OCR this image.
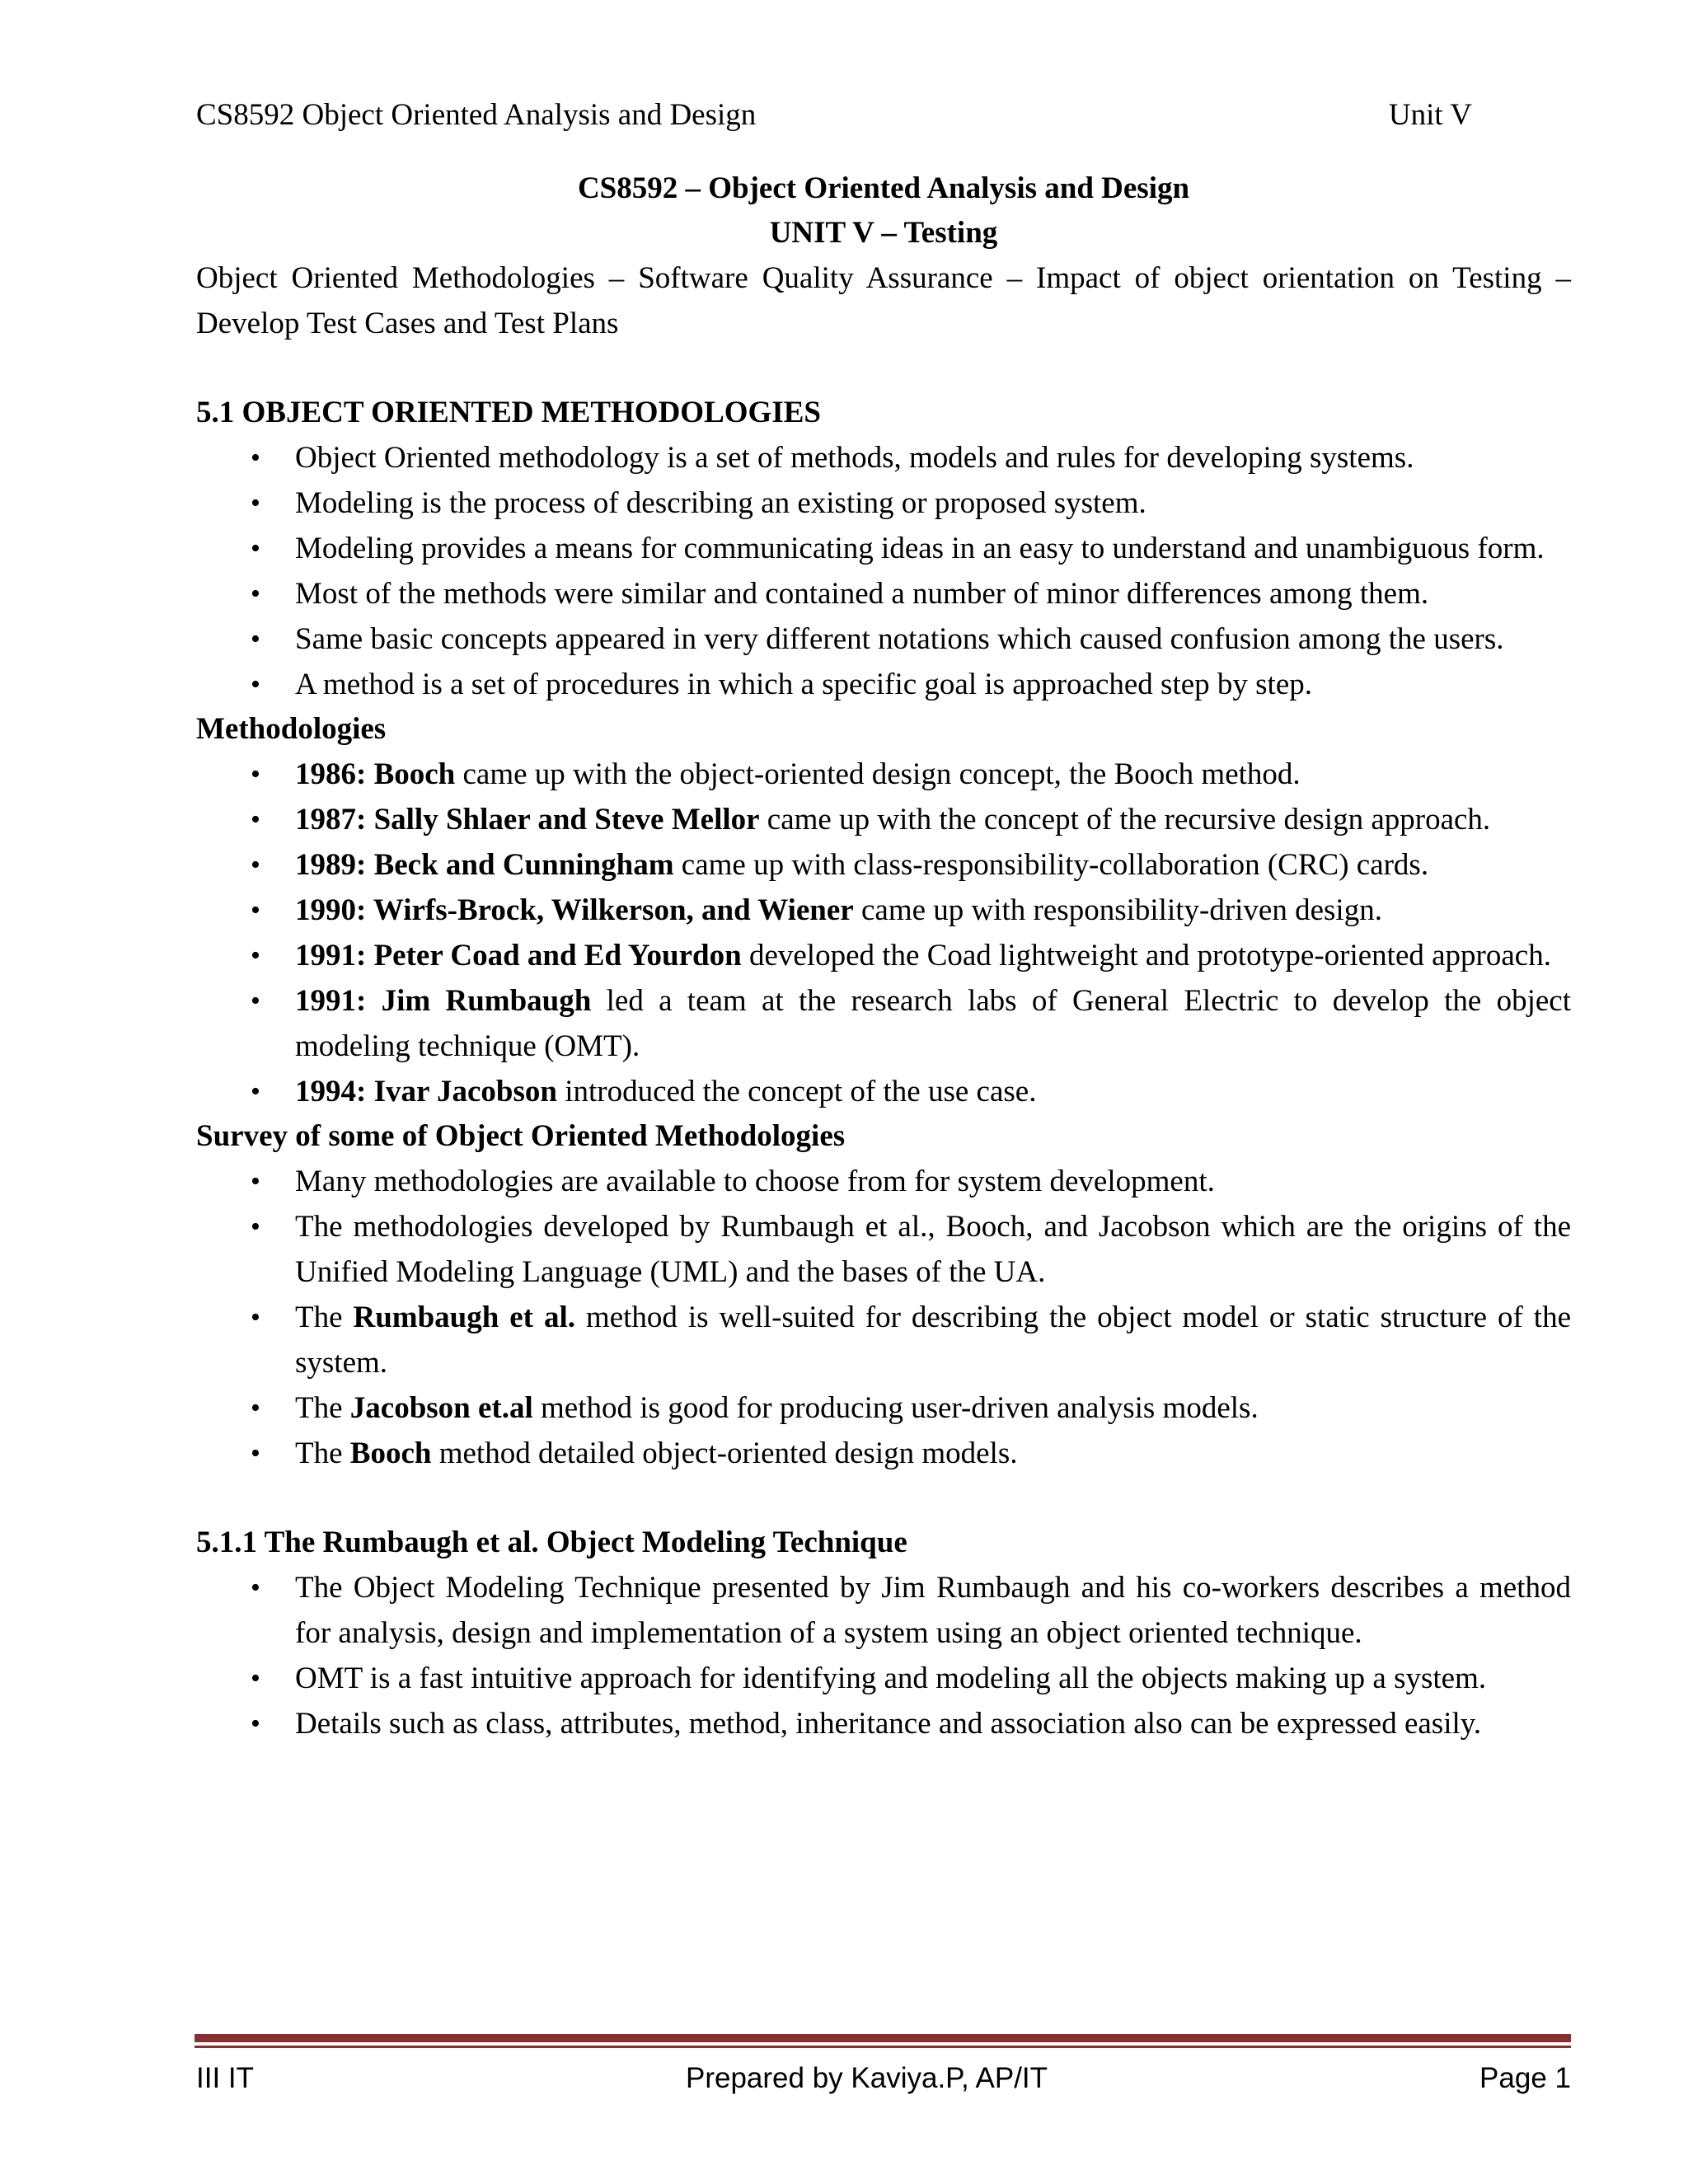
CS8592 Object Oriented Analysis and Design	Unit V

CS8592 – Object Oriented Analysis and Design

UNIT V – Testing

Object Oriented Methodologies – Software Quality Assurance – Impact of object orientation on Testing – Develop Test Cases and Test Plans

5.1 OBJECT ORIENTED METHODOLOGIES

• Object Oriented methodology is a set of methods, models and rules for developing systems.
• Modeling is the process of describing an existing or proposed system.
• Modeling provides a means for communicating ideas in an easy to understand and unambiguous form.
• Most of the methods were similar and contained a number of minor differences among them.
• Same basic concepts appeared in very different notations which caused confusion among the users.
• A method is a set of procedures in which a specific goal is approached step by step.

Methodologies

• 1986: Booch came up with the object-oriented design concept, the Booch method.
• 1987: Sally Shlaer and Steve Mellor came up with the concept of the recursive design approach.
• 1989: Beck and Cunningham came up with class-responsibility-collaboration (CRC) cards.
• 1990: Wirfs-Brock, Wilkerson, and Wiener came up with responsibility-driven design.
• 1991: Peter Coad and Ed Yourdon developed the Coad lightweight and prototype-oriented approach.
• 1991: Jim Rumbaugh led a team at the research labs of General Electric to develop the object modeling technique (OMT).
• 1994: Ivar Jacobson introduced the concept of the use case.

Survey of some of Object Oriented Methodologies

• Many methodologies are available to choose from for system development.
• The methodologies developed by Rumbaugh et al., Booch, and Jacobson which are the origins of the Unified Modeling Language (UML) and the bases of the UA.
• The Rumbaugh et al. method is well-suited for describing the object model or static structure of the system.
• The Jacobson et.al method is good for producing user-driven analysis models.
• The Booch method detailed object-oriented design models.

5.1.1 The Rumbaugh et al. Object Modeling Technique

• The Object Modeling Technique presented by Jim Rumbaugh and his co-workers describes a method for analysis, design and implementation of a system using an object oriented technique.
• OMT is a fast intuitive approach for identifying and modeling all the objects making up a system.
• Details such as class, attributes, method, inheritance and association also can be expressed easily.
III IT	Prepared by Kaviya.P, AP/IT	Page 1
